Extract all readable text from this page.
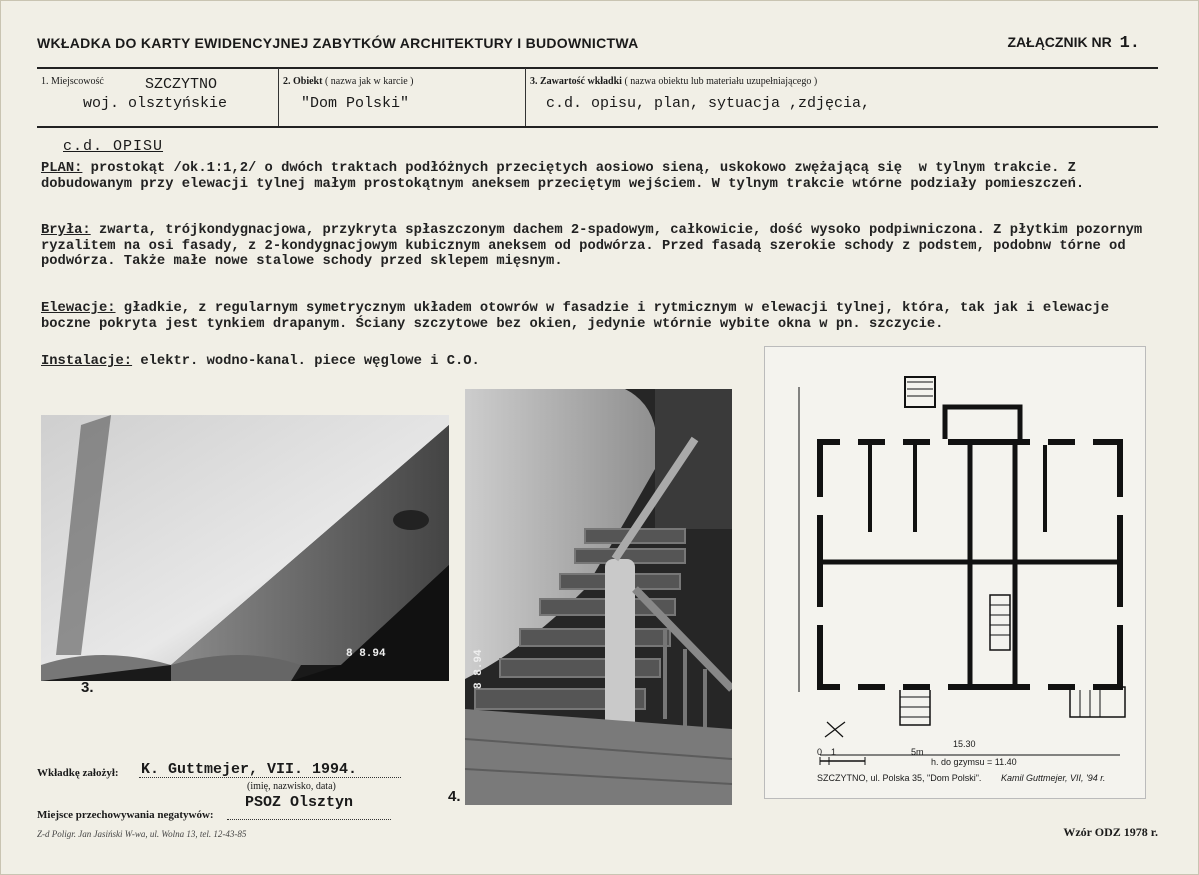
WKŁADKA DO KARTY EWIDENCYJNEJ ZABYTKÓW ARCHITEKTURY I BUDOWNICTWA	ZAŁĄCZNIK NR 1.
1. Miejscowość	SZCZYTNO
woj. olsztyńskie
2. Obiekt ( nazwa jak w karcie )
"Dom Polski"
3. Zawartość wkładki ( nazwa obiektu lub materiału uzupełniającego )
c.d. opisu, plan, sytuacja ,zdjęcia,
c.d. OPISU
PLAN: prostokąt /ok.1:1,2/ o dwóch traktach podłóżnych przeciętych aosiowo sieną, uskokowo zwężającą się  w tylnym trakcie. Z dobudowanym przy elewacji tylnej małym prostokątnym aneksem przeciętym wejściem. W tylnym trakcie wtórne podziały pomieszczeń.
Bryła: zwarta, trójkondygnacjowa, przykryta spłaszczonym dachem 2-spadowym, całkowicie, dość wysoko podpiwniczona. Z płytkim pozornym ryzalitem na osi fasady, z 2-kondygnacjowym kubicznym aneksem od podwórza. Przed fasadą szerokie schody z podstem, podobnw tórne od podwórza. Także małe nowe stalowe schody przed sklepem mięsnym.
Elewacje: gładkie, z regularnym symetrycznym układem otowrów w fasadzie i rytmicznym w elewacji tylnej, która, tak jak i elewacje boczne pokryta jest tynkiem drapanym. Ściany szczytowe bez okien, jedynie wtórnie wybite okna w pn. szczycie.
Instalacje: elektr. wodno-kanal. piece węglowe i C.O.
8 8.94
3.	8 8.94
4.
15.30
0 1	5m
h. do gzymsu = 11.40
SZCZYTNO, ul. Polska 35, "Dom Polski". Kamil Guttmejer, VII, '94 r.
Wkładkę założył: K. Guttmejer, VII. 1994.
(imię, nazwisko, data)
PSOZ Olsztyn
Miejsce przechowywania negatywów:
Z-d Poligr. Jan Jasiński W-wa, ul. Wolna 13, tel. 12-43-85	Wzór ODZ 1978 r.
